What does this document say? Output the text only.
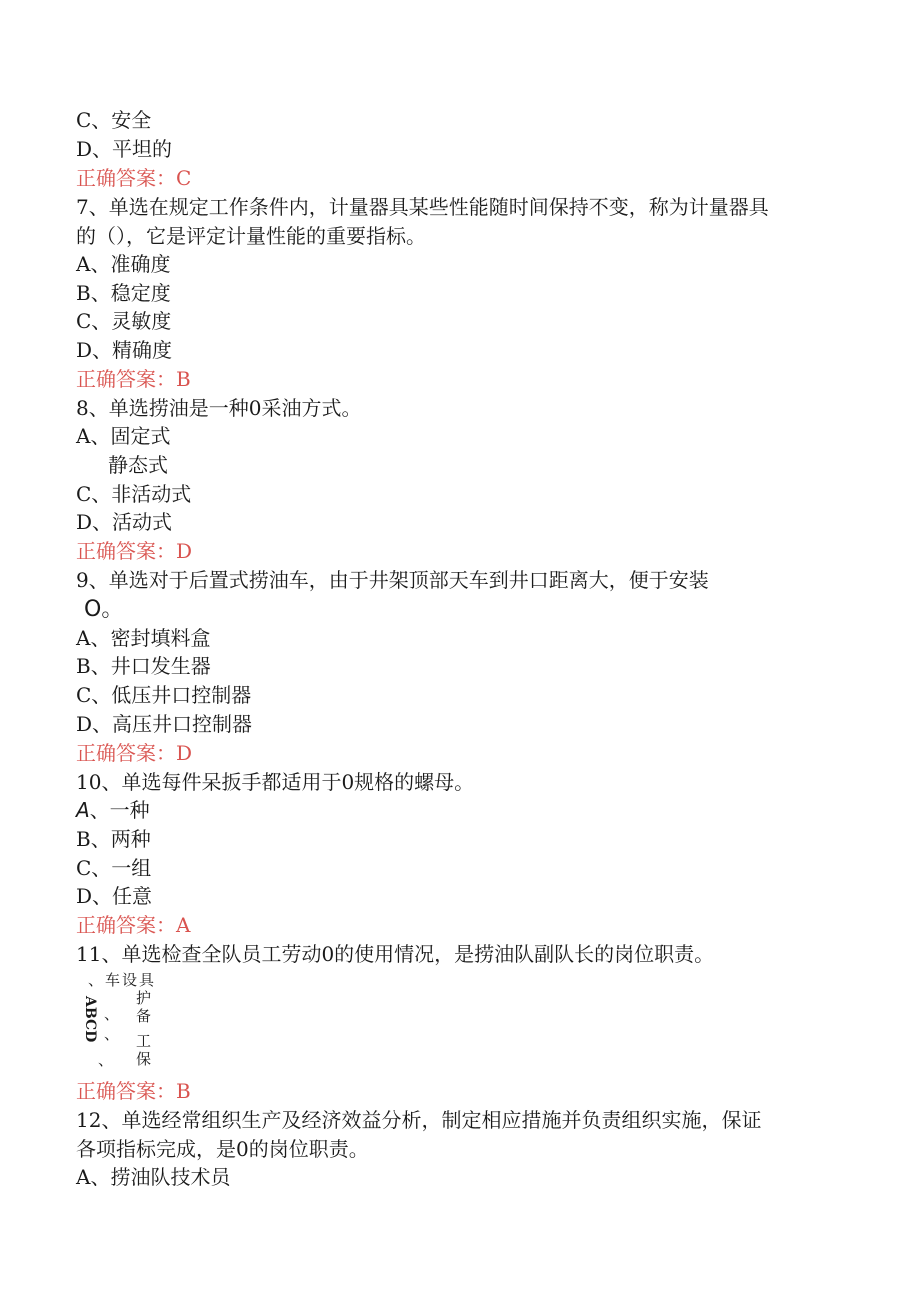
C、安全
D、平坦的
正确答案：C
7、单选在规定工作条件内，计量器具某些性能随时间保持不变，称为计量器具
的（），它是评定计量性能的重要指标。
A、准确度
B、稳定度
C、灵敏度
D、精确度
正确答案：B
8、单选捞油是一种0采油方式。
A、固定式
静态式
C、非活动式
D、活动式
正确答案：D
9、单选对于后置式捞油车，由于井架顶部天车到井口距离大，便于安装
O。
A、密封填料盒
B、井口发生器
C、低压井口控制器
D、高压井口控制器
正确答案：D
10、单选每件呆扳手都适用于0规格的螺母。
A、一种
B、两种
C、一组
D、任意
正确答案：A
11、单选检查全队员工劳动0的使用情况，是捞油队副队长的岗位职责。
、车设具
ABCD	护
备
工
保
、
、
、
正确答案：B
12、单选经常组织生产及经济效益分析，制定相应措施并负责组织实施，保证
各项指标完成，是0的岗位职责。
A、捞油队技术员
